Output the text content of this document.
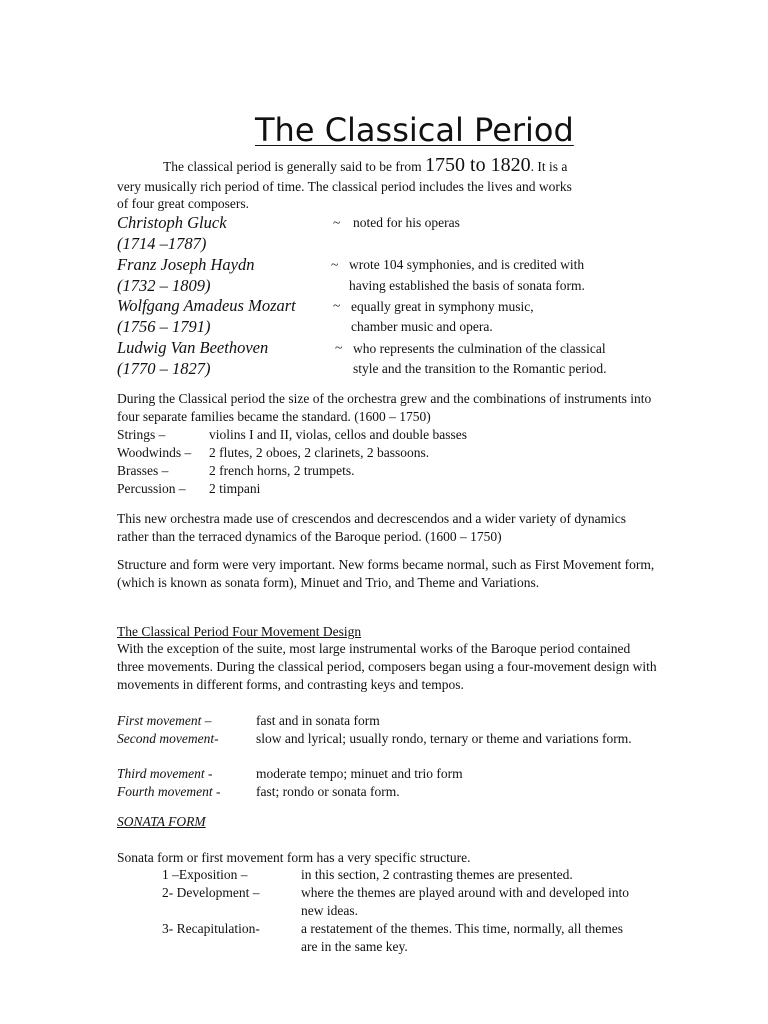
The Classical Period
The classical period is generally said to be from 1750 to 1820. It is a
very musically rich period of time. The classical period includes the lives and works
of four great composers.
Christoph Gluck
(1714 –1787)
~ noted for his operas
Franz Joseph Haydn
(1732 – 1809)
~ wrote 104 symphonies, and is credited with
having established the basis of sonata form.
Wolfgang Amadeus Mozart
(1756 – 1791)
~ equally great in symphony music,
chamber music and opera.
Ludwig Van Beethoven
(1770 – 1827)
~ who represents the culmination of the classical
style and the transition to the Romantic period.
During the Classical period the size of the orchestra grew and the combinations of instruments into four separate families became the standard. (1600 – 1750)
Strings –	violins I and II, violas, cellos and double basses
Woodwinds – 2 flutes, 2 oboes, 2 clarinets, 2 bassoons.
Brasses –	2 french horns, 2 trumpets.
Percussion – 2 timpani
This new orchestra made use of crescendos and decrescendos and a wider variety of dynamics rather than the terraced dynamics of the Baroque period. (1600 – 1750)
Structure and form were very important. New forms became normal, such as First Movement form, (which is known as sonata form), Minuet and Trio, and Theme and Variations.
The Classical Period Four Movement Design
With the exception of the suite, most large instrumental works of the Baroque period contained three movements. During the classical period, composers began using a four-movement design with movements in different forms, and contrasting keys and tempos.
First movement –	fast and in sonata form
Second movement-	slow and lyrical; usually rondo, ternary or theme and variations form.
Third movement -	moderate tempo; minuet and trio form
Fourth movement -	fast; rondo or sonata form.
SONATA FORM
Sonata form or first movement form has a very specific structure.
1 –Exposition –	in this section, 2 contrasting themes are presented.
2- Development –	where the themes are played around with and developed into new ideas.
3- Recapitulation-	a restatement of the themes. This time, normally, all themes are in the same key.
